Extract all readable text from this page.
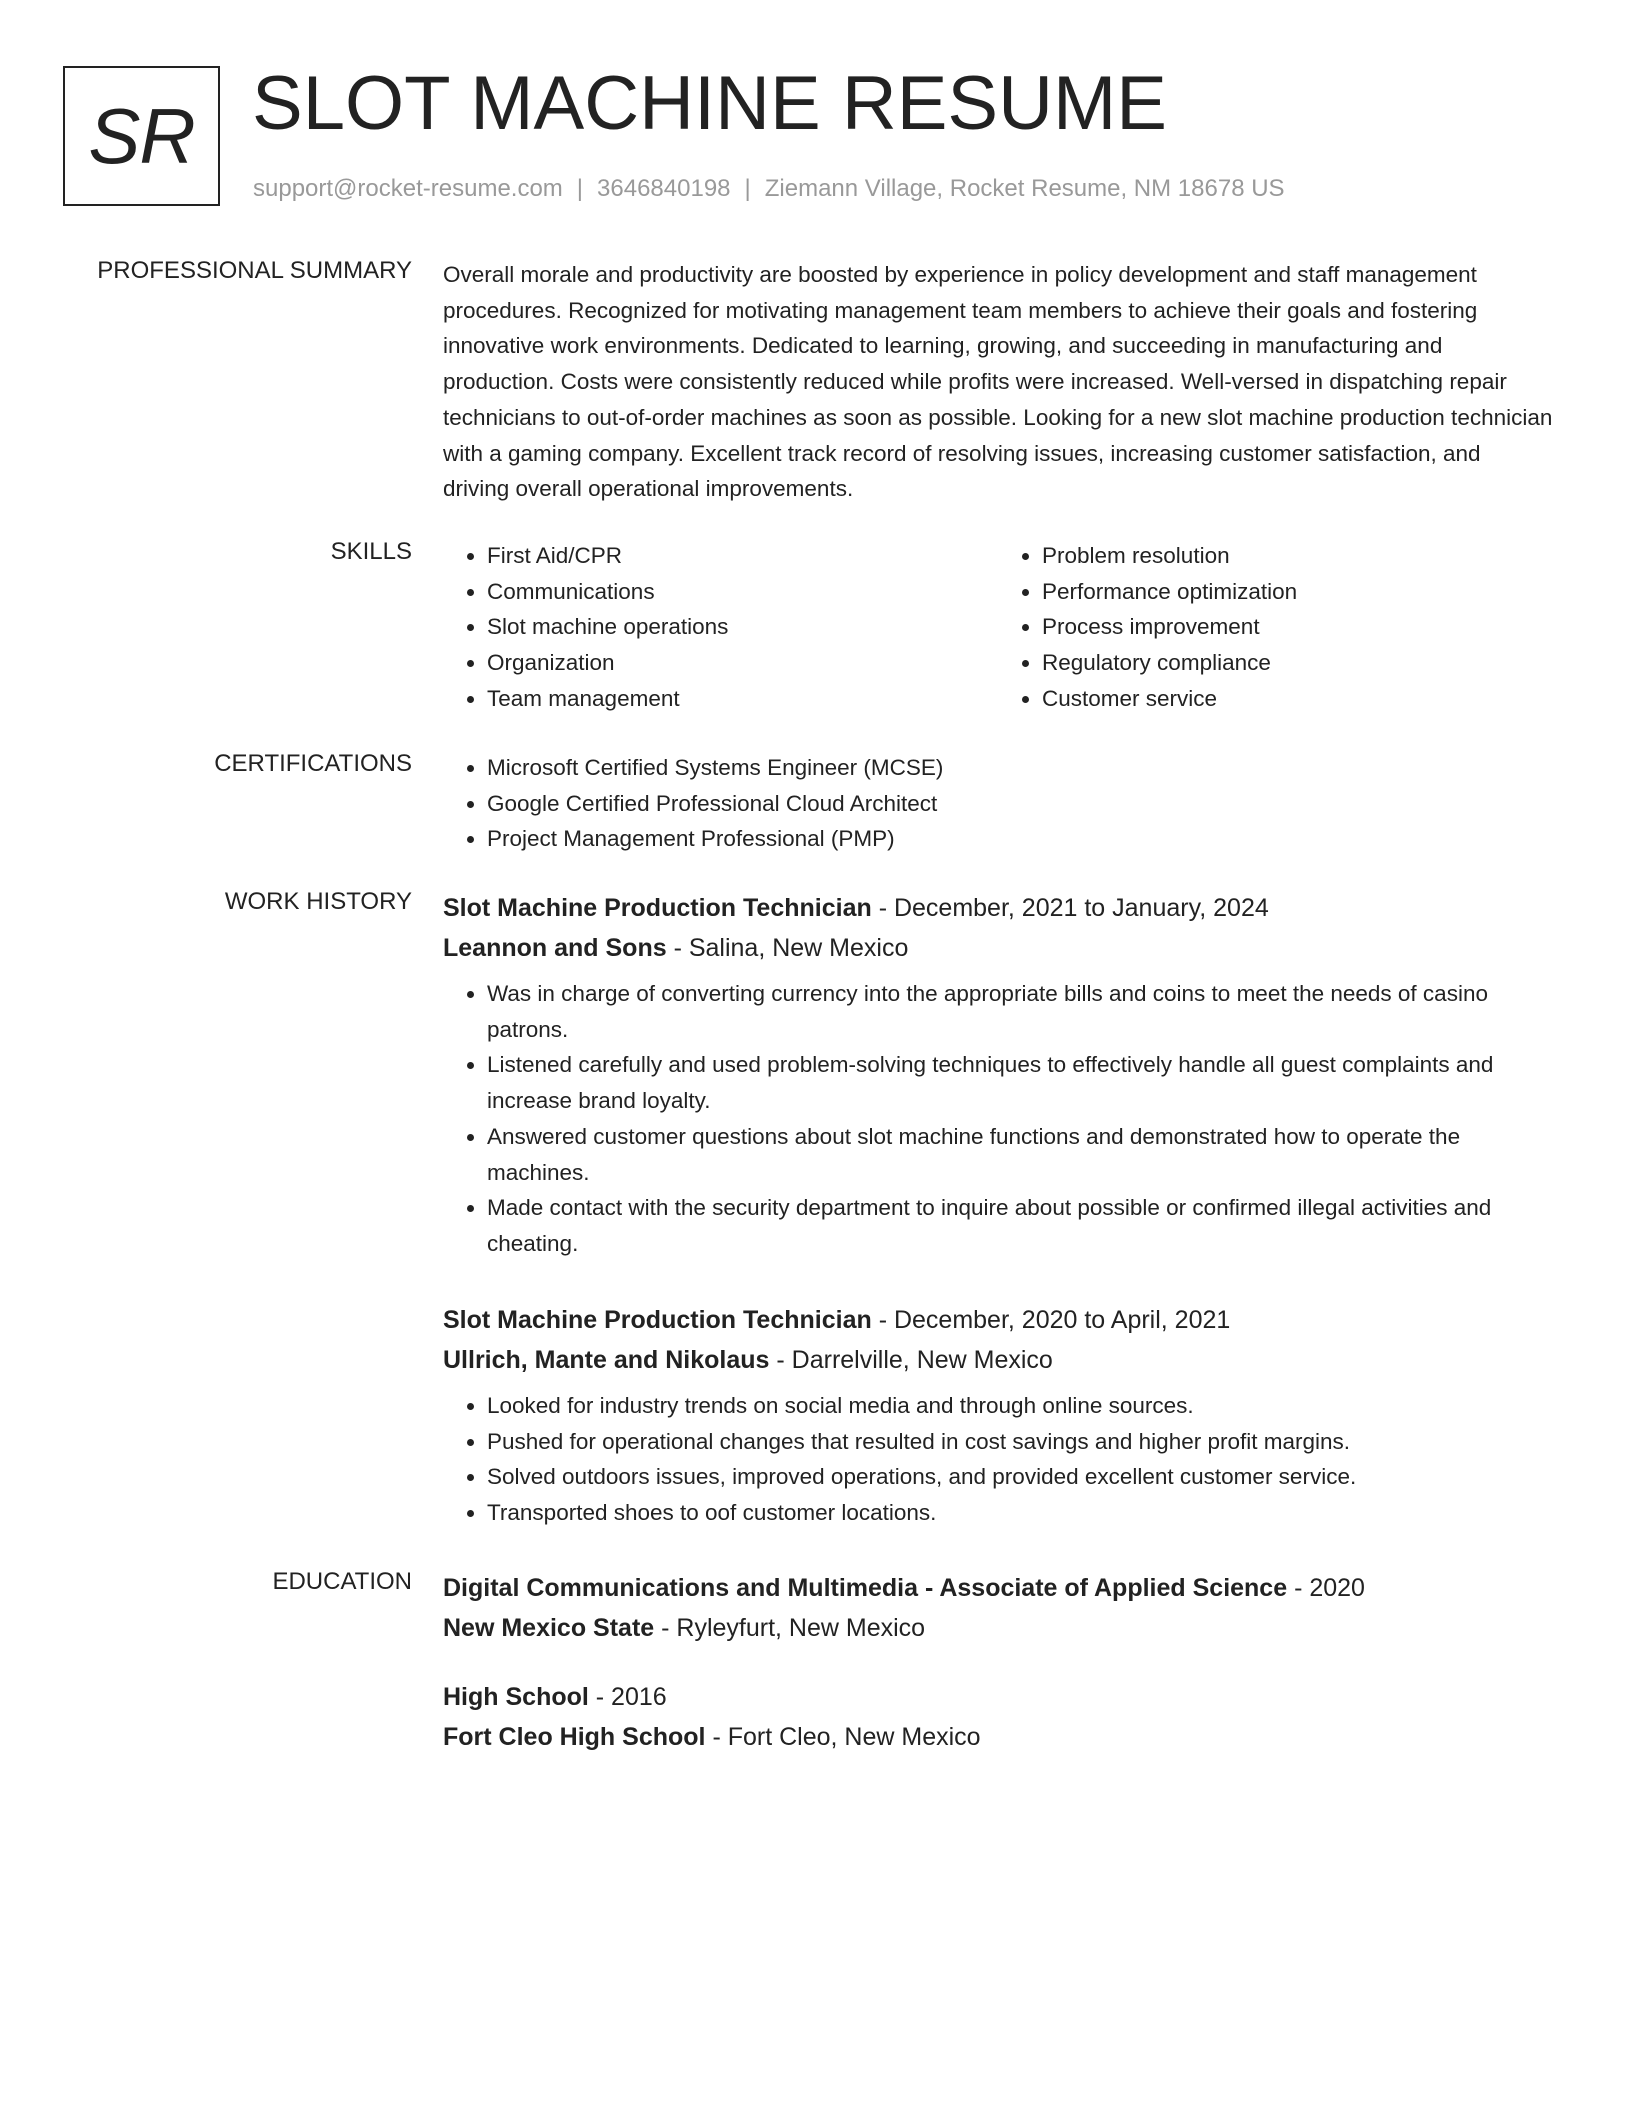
SR SLOT MACHINE RESUME
support@rocket-resume.com | 3646840198 | Ziemann Village, Rocket Resume, NM 18678 US
PROFESSIONAL SUMMARY Overall morale and productivity are boosted by experience in policy development and staff management procedures. Recognized for motivating management team members to achieve their goals and fostering innovative work environments. Dedicated to learning, growing, and succeeding in manufacturing and production. Costs were consistently reduced while profits were increased. Well-versed in dispatching repair technicians to out-of-order machines as soon as possible. Looking for a new slot machine production technician with a gaming company. Excellent track record of resolving issues, increasing customer satisfaction, and driving overall operational improvements.
SKILLS	• First Aid/CPR
• Communications
• Slot machine operations
• Organization
• Team management
• Problem resolution
• Performance optimization
• Process improvement
• Regulatory compliance
• Customer service
CERTIFICATIONS	• Microsoft Certified Systems Engineer (MCSE)
• Google Certified Professional Cloud Architect
• Project Management Professional (PMP)
WORK HISTORY Slot Machine Production Technician - December, 2021 to January, 2024
Leannon and Sons - Salina, New Mexico
• Was in charge of converting currency into the appropriate bills and coins to meet the needs of casino patrons.
• Listened carefully and used problem-solving techniques to effectively handle all guest complaints and increase brand loyalty.
• Answered customer questions about slot machine functions and demonstrated how to operate the machines.
• Made contact with the security department to inquire about possible or confirmed illegal activities and cheating.
Slot Machine Production Technician - December, 2020 to April, 2021
Ullrich, Mante and Nikolaus - Darrelville, New Mexico
• Looked for industry trends on social media and through online sources.
• Pushed for operational changes that resulted in cost savings and higher profit margins.
• Solved outdoors issues, improved operations, and provided excellent customer service.
• Transported shoes to oof customer locations.
EDUCATION Digital Communications and Multimedia - Associate of Applied Science - 2020
New Mexico State - Ryleyfurt, New Mexico
High School - 2016
Fort Cleo High School - Fort Cleo, New Mexico
